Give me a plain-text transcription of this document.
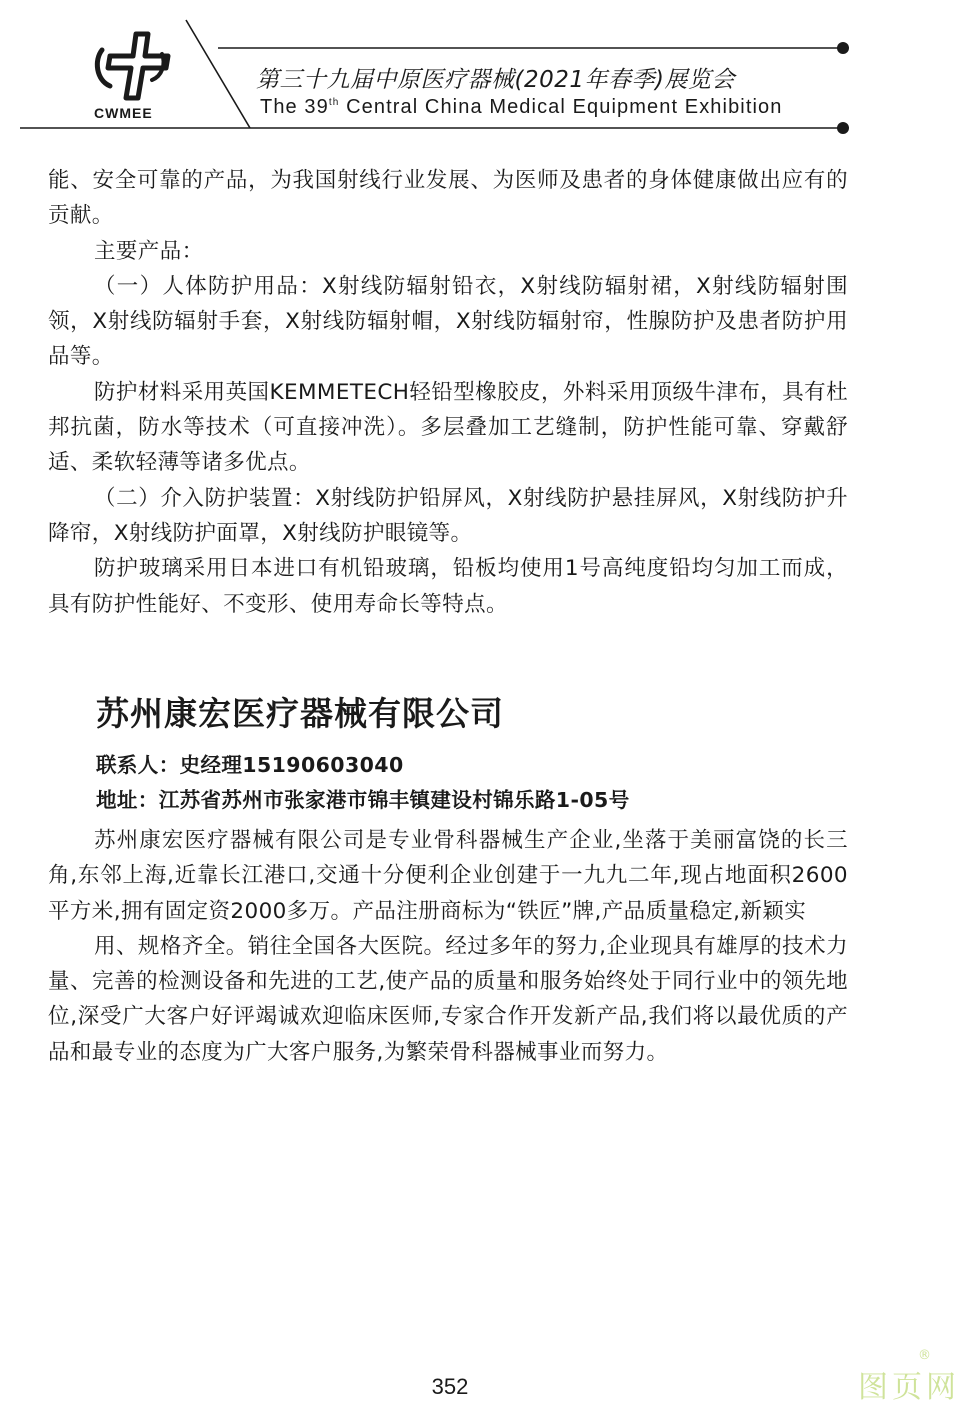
CWMEE
第三十九届中原医疗器械(2021年春季)展览会
The 39th Central China Medical Equipment Exhibition

能、安全可靠的产品，为我国射线行业发展、为医师及患者的身体健康做出应有的贡献。

主要产品：

（一）人体防护用品：X射线防辐射铅衣，X射线防辐射裙，X射线防辐射围领，X射线防辐射手套，X射线防辐射帽，X射线防辐射帘，性腺防护及患者防护用品等。

防护材料采用英国KEMMETECH轻铅型橡胶皮，外料采用顶级牛津布，具有杜邦抗菌，防水等技术（可直接冲洗）。多层叠加工艺缝制，防护性能可靠、穿戴舒适、柔软轻薄等诸多优点。

（二）介入防护装置：X射线防护铅屏风，X射线防护悬挂屏风，X射线防护升降帘，X射线防护面罩，X射线防护眼镜等。

防护玻璃采用日本进口有机铅玻璃，铅板均使用1号高纯度铅均匀加工而成，具有防护性能好、不变形、使用寿命长等特点。

苏州康宏医疗器械有限公司

联系人：史经理15190603040

地址：江苏省苏州市张家港市锦丰镇建设村锦乐路1-05号

苏州康宏医疗器械有限公司是专业骨科器械生产企业,坐落于美丽富饶的长三角,东邻上海,近靠长江港口,交通十分便利企业创建于一九九二年,现占地面积2600平方米,拥有固定资2000多万。产品注册商标为“铁匠”牌,产品质量稳定,新颖实

用、规格齐全。销往全国各大医院。经过多年的努力,企业现具有雄厚的技术力量、完善的检测设备和先进的工艺,使产品的质量和服务始终处于同行业中的领先地位,深受广大客户好评竭诚欢迎临床医师,专家合作开发新产品,我们将以最优质的产品和最专业的态度为广大客户服务,为繁荣骨科器械事业而努力。

352	图页网
®
